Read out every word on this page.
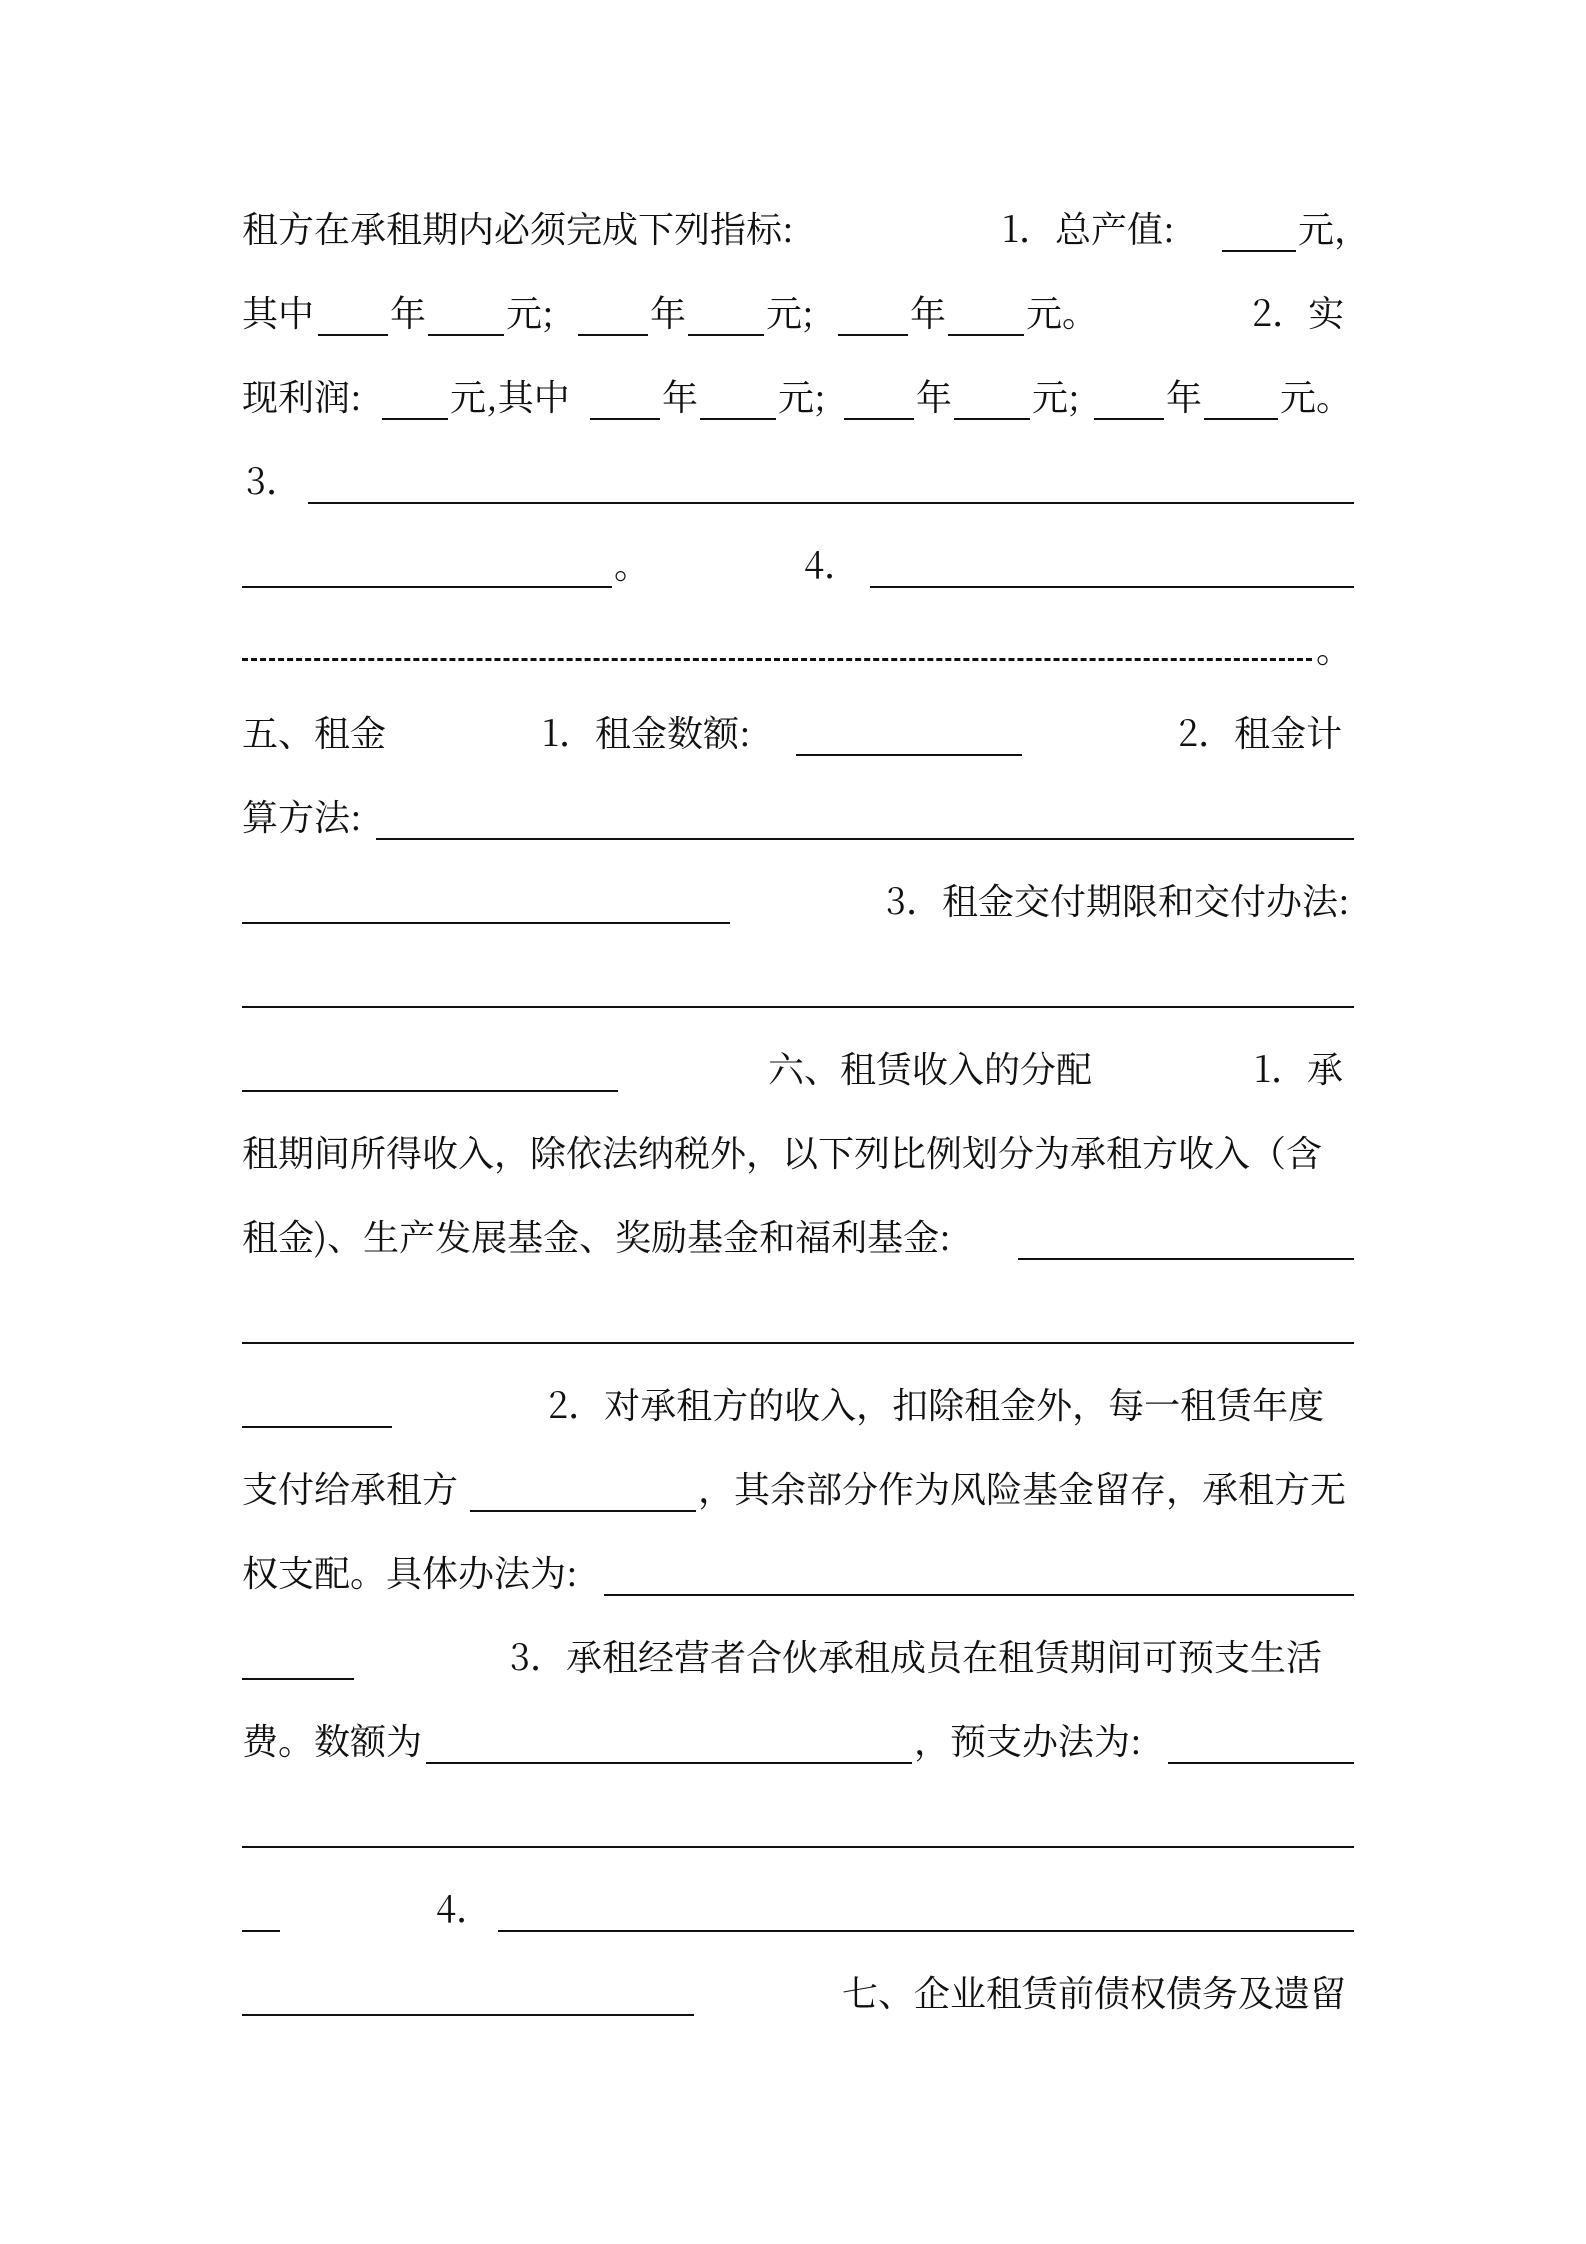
租方在承租期内必须完成下列指标:	1．总产值:	元，
其中 年 元;	年 元;	年 元。	2．实
现利润: 元,其中	年 元;	年 元; 年 元。
3．
。	4．
。
五、租金	1．租金数额:	2．租金计
算方法:
3．租金交付期限和交付办法:
六、租赁收入的分配	1．承
租期间所得收入，除依法纳税外，以下列比例划分为承租方收入（含
租金)、生产发展基金、奖励基金和福利基金:
2．对承租方的收入，扣除租金外，每一租赁年度
支付给承租方	，其余部分作为风险基金留存，承租方无
权支配。具体办法为:
3．承租经营者合伙承租成员在租赁期间可预支生活
费。数额为	，预支办法为:
4．
七、企业租赁前债权债务及遗留
